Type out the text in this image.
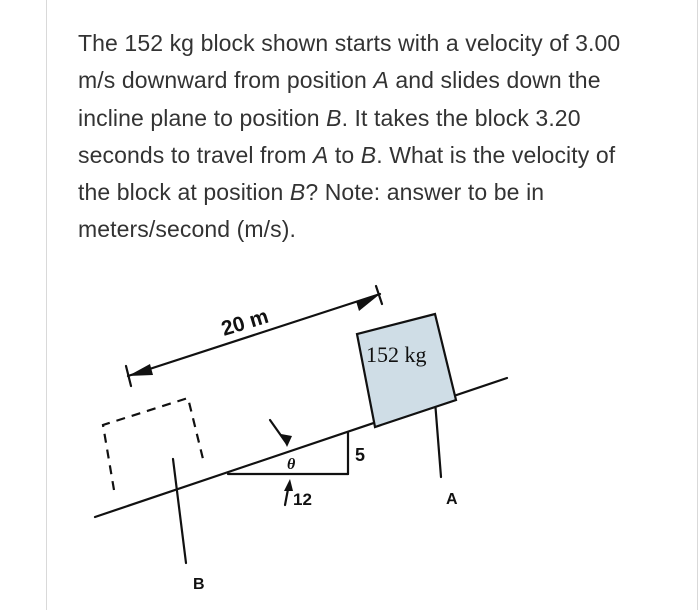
The 152 kg block shown starts with a velocity of 3.00
m/s downward from position A and slides down the
incline plane to position B. It takes the block 3.20
seconds to travel from A to B. What is the velocity of
the block at position B? Note: answer to be in
meters/second (m/s).
20 m
152 kg
θ	5
12	A
B
